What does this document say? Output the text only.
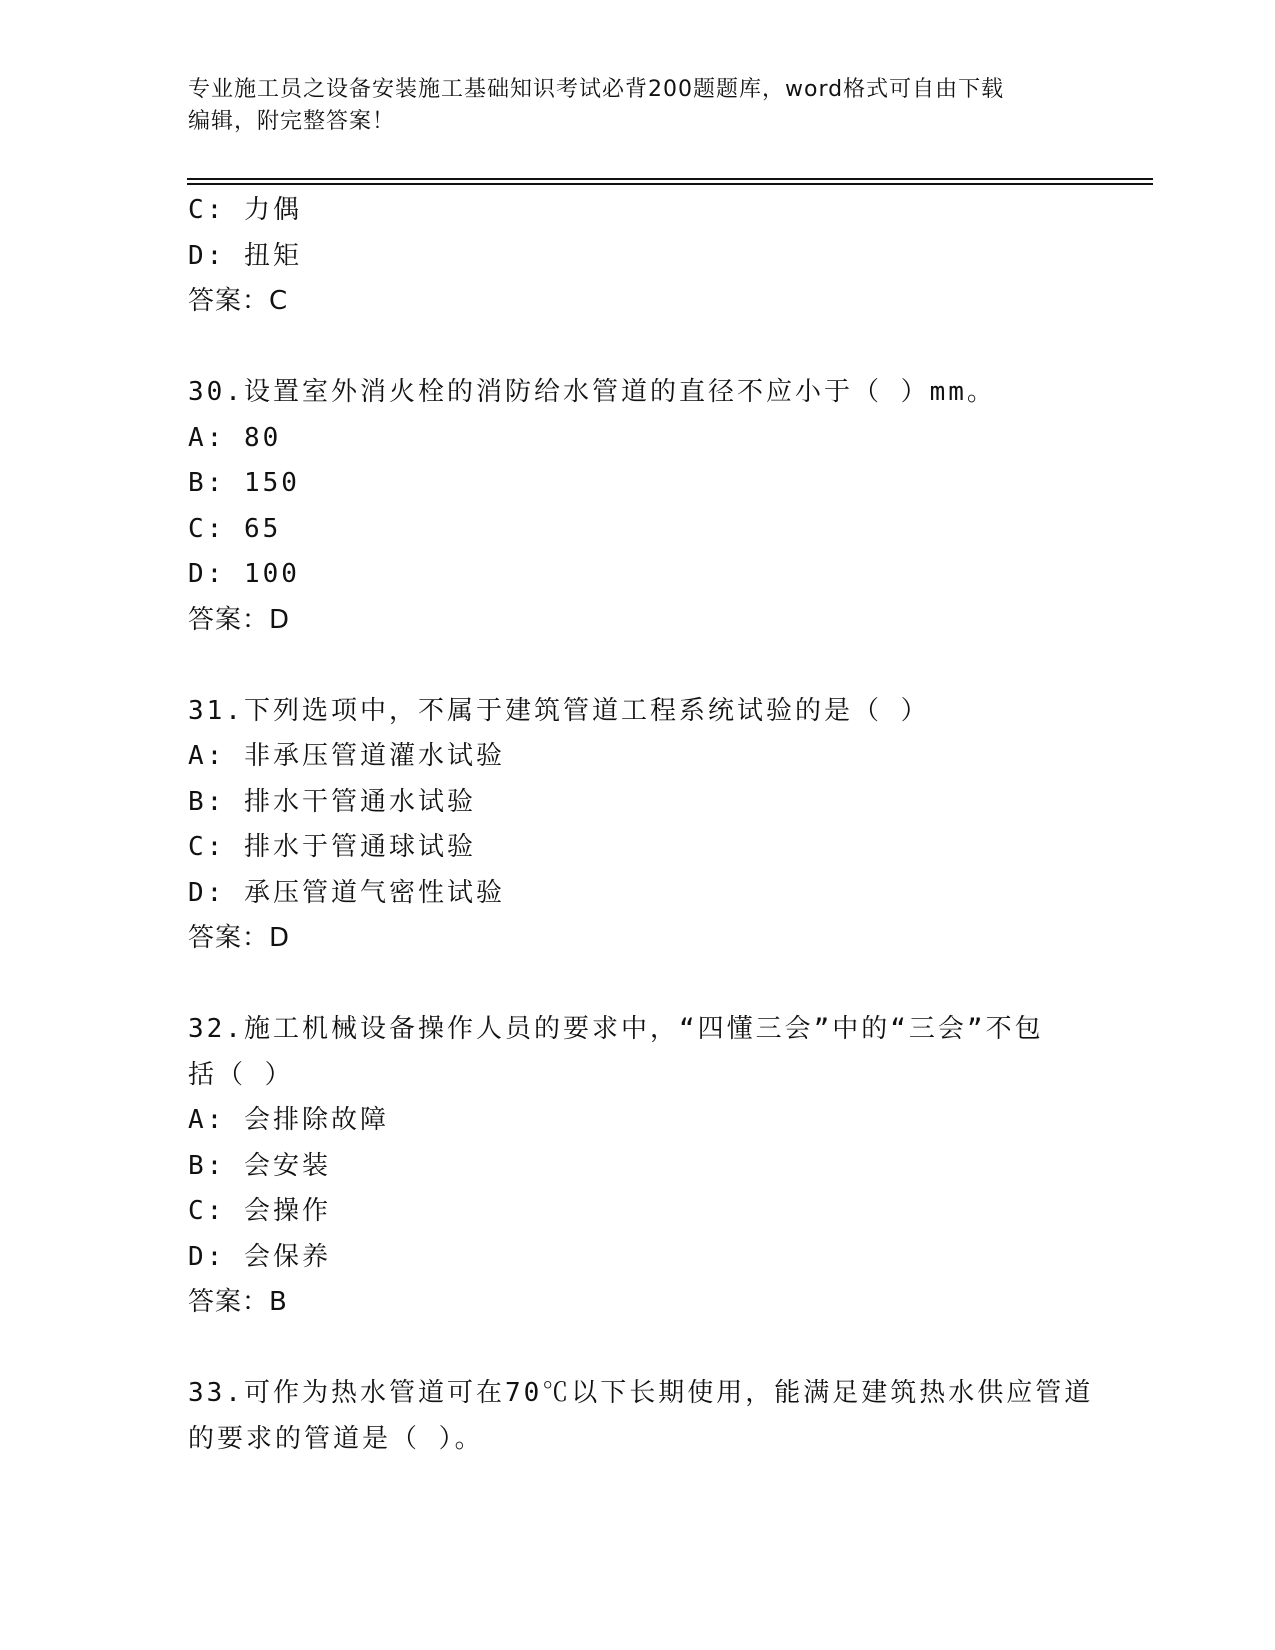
专业施工员之设备安装施工基础知识考试必背200题题库，word格式可自由下载
编辑，附完整答案！
C: 力偶
D: 扭矩
答案：C
30.设置室外消火栓的消防给水管道的直径不应小于（ ）mm。
A: 80
B: 150
C: 65
D: 100
答案：D
31.下列选项中，不属于建筑管道工程系统试验的是（ ）
A: 非承压管道灌水试验
B: 排水干管通水试验
C: 排水于管通球试验
D: 承压管道气密性试验
答案：D
32.施工机械设备操作人员的要求中，“四懂三会”中的“三会”不包
括（ ）
A: 会排除故障
B: 会安装
C: 会操作
D: 会保养
答案：B
33.可作为热水管道可在70℃以下长期使用，能满足建筑热水供应管道
的要求的管道是（ ）。
